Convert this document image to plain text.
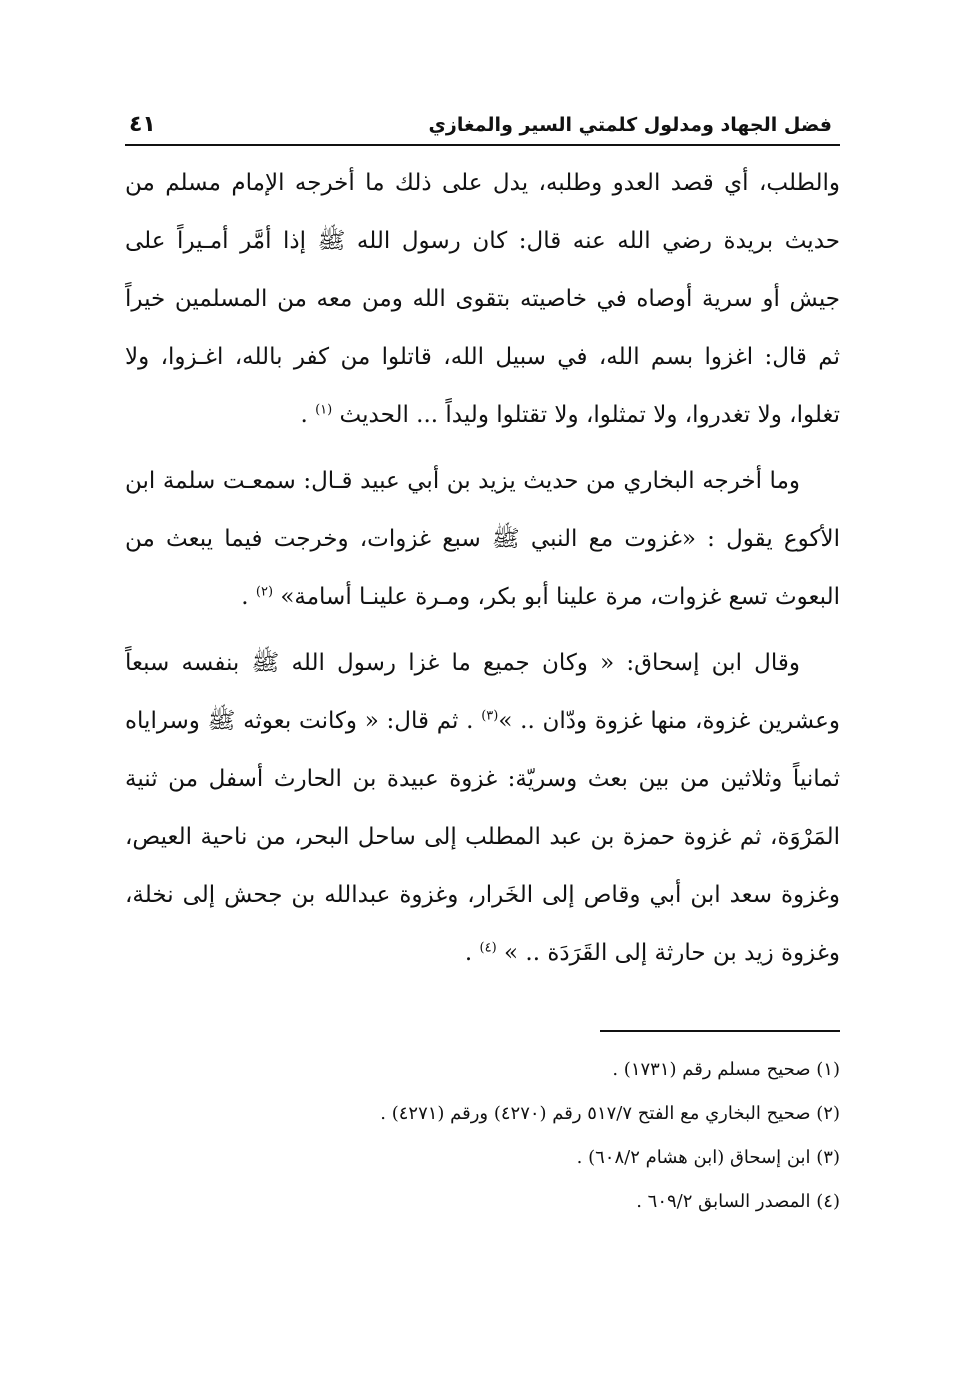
فضل الجهاد ومدلول كلمتي السير والمغازي
٤١

والطلب، أي قصد العدو وطلبه، يدل على ذلك ما أخرجه الإمام مسلم من حديث بريدة رضي الله عنه قال: كان رسول الله ﷺ إذا أمَّر أمـيراً على جيش أو سرية أوصاه في خاصيته بتقوى الله ومن معه من المسلمين خيراً ثم قال: اغزوا بسم الله، في سبيل الله، قاتلوا من كفر بالله، اغـزوا، ولا تغلوا، ولا تغدروا، ولا تمثلوا، ولا تقتلوا وليداً ... الحديث $^{(١)}$ .

وما أخرجه البخاري من حديث يزيد بن أبي عبيد قـال: سمعـت سلمة ابن الأكوع يقول : «غزوت مع النبي ﷺ سبع غزوات، وخرجت فيما يبعث من البعوث تسع غزوات، مرة علينا أبو بكر، ومـرة علينـا أسامة» $^{(٢)}$ .

وقال ابن إسحاق: « وكان جميع ما غزا رسول الله ﷺ بنفسه سبعاً وعشرين غزوة، منها غزوة ودّان .. »$^{(٣)}$ . ثم قال: « وكانت بعوثه ﷺ وسراياه ثمانياً وثلاثين من بين بعث وسريّة: غزوة عبيدة بن الحارث أسفل من ثنية المَرْوَة، ثم غزوة حمزة بن عبد المطلب إلى ساحل البحر، من ناحية العيص، وغزوة سعد ابن أبي وقاص إلى الخَرار، وغزوة عبدالله بن جحش إلى نخلة، وغزوة زيد بن حارثة إلى القَرَدَة .. » $^{(٤)}$ .

(١) صحيح مسلم رقم (١٧٣١) .

(٢) صحيح البخاري مع الفتح ٥١٧/٧ رقم (٤٢٧٠) ورقم (٤٢٧١) .

(٣) ابن إسحاق (ابن هشام ٦٠٨/٢) .

(٤) المصدر السابق ٦٠٩/٢ .
